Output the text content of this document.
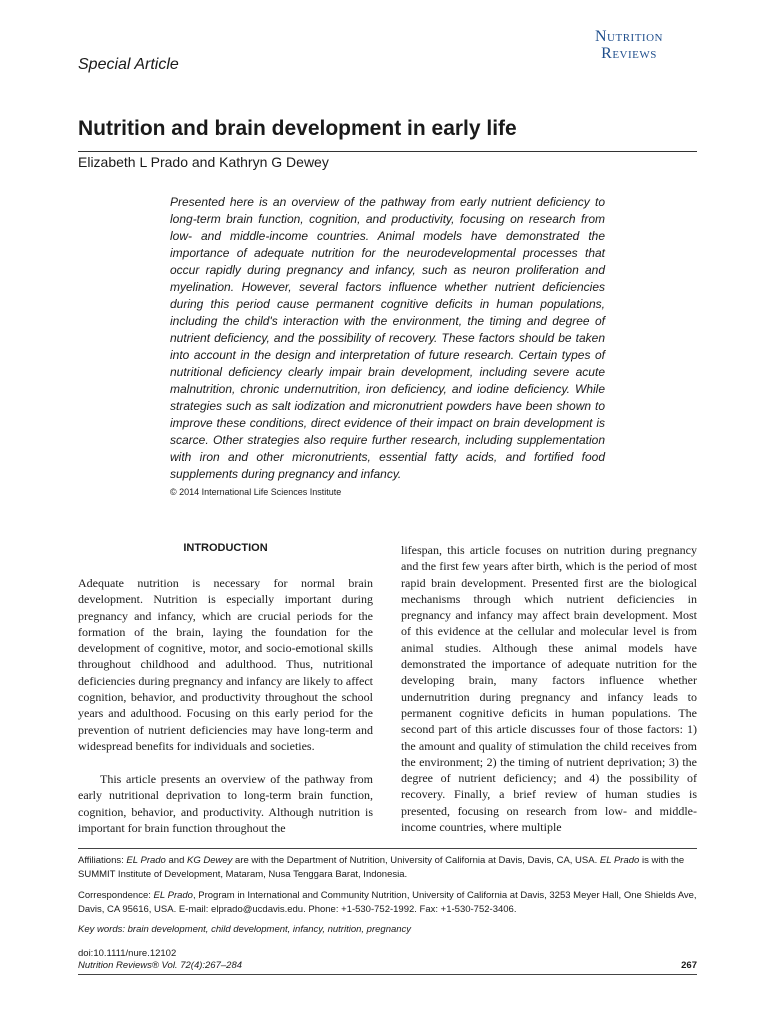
Nutrition
Reviews
Special Article
Nutrition and brain development in early life
Elizabeth L Prado and Kathryn G Dewey

Presented here is an overview of the pathway from early nutrient deficiency to long-term brain function, cognition, and productivity, focusing on research from low- and middle-income countries. Animal models have demonstrated the importance of adequate nutrition for the neurodevelopmental processes that occur rapidly during pregnancy and infancy, such as neuron proliferation and myelination. However, several factors influence whether nutrient deficiencies during this period cause permanent cognitive deficits in human populations, including the child's interaction with the environment, the timing and degree of nutrient deficiency, and the possibility of recovery. These factors should be taken into account in the design and interpretation of future research. Certain types of nutritional deficiency clearly impair brain development, including severe acute malnutrition, chronic undernutrition, iron deficiency, and iodine deficiency. While strategies such as salt iodization and micronutrient powders have been shown to improve these conditions, direct evidence of their impact on brain development is scarce. Other strategies also require further research, including supplementation with iron and other micronutrients, essential fatty acids, and fortified food supplements during pregnancy and infancy.

© 2014 International Life Sciences Institute
INTRODUCTION

Adequate nutrition is necessary for normal brain development. Nutrition is especially important during pregnancy and infancy, which are crucial periods for the formation of the brain, laying the foundation for the development of cognitive, motor, and socio-emotional skills throughout childhood and adulthood. Thus, nutritional deficiencies during pregnancy and infancy are likely to affect cognition, behavior, and productivity throughout the school years and adulthood. Focusing on this early period for the prevention of nutrient deficiencies may have long-term and widespread benefits for individuals and societies.

This article presents an overview of the pathway from early nutritional deprivation to long-term brain function, cognition, behavior, and productivity. Although nutrition is important for brain function throughout the

lifespan, this article focuses on nutrition during pregnancy and the first few years after birth, which is the period of most rapid brain development. Presented first are the biological mechanisms through which nutrient deficiencies in pregnancy and infancy may affect brain development. Most of this evidence at the cellular and molecular level is from animal studies. Although these animal models have demonstrated the importance of adequate nutrition for the developing brain, many factors influence whether undernutrition during pregnancy and infancy leads to permanent cognitive deficits in human populations. The second part of this article discusses four of those factors: 1) the amount and quality of stimulation the child receives from the environment; 2) the timing of nutrient deprivation; 3) the degree of nutrient deficiency; and 4) the possibility of recovery. Finally, a brief review of human studies is presented, focusing on research from low- and middle-income countries, where multiple

Affiliations: EL Prado and KG Dewey are with the Department of Nutrition, University of California at Davis, Davis, CA, USA. EL Prado is with the SUMMIT Institute of Development, Mataram, Nusa Tenggara Barat, Indonesia.

Correspondence: EL Prado, Program in International and Community Nutrition, University of California at Davis, 3253 Meyer Hall, One Shields Ave, Davis, CA 95616, USA. E-mail: elprado@ucdavis.edu. Phone: +1-530-752-1992. Fax: +1-530-752-3406.

Key words: brain development, child development, infancy, nutrition, pregnancy

doi:10.1111/nure.12102

Nutrition Reviews® Vol. 72(4):267–284	267
